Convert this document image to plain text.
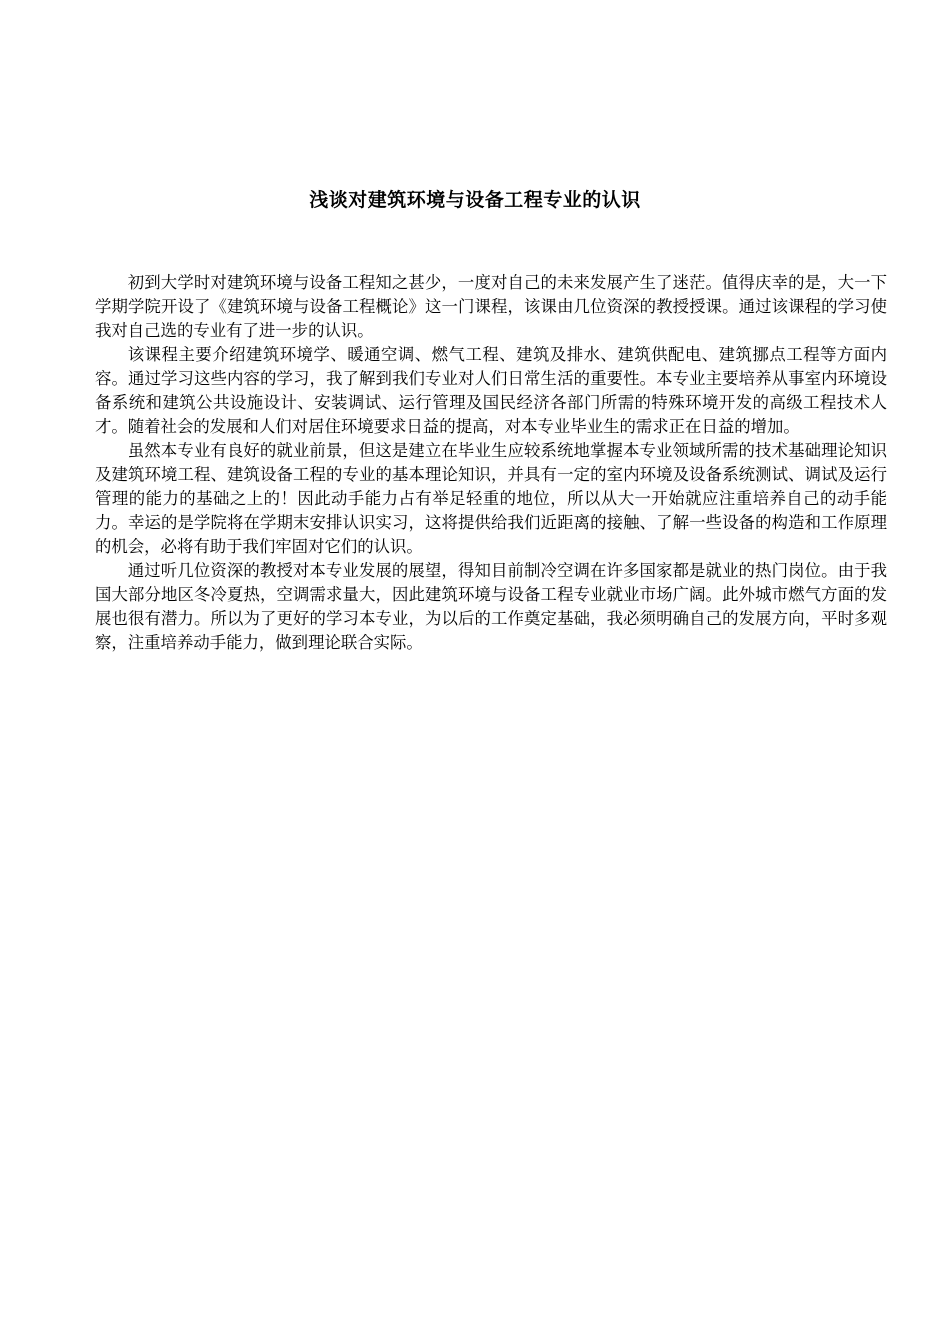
浅谈对建筑环境与设备工程专业的认识

初到大学时对建筑环境与设备工程知之甚少，一度对自己的未来发展产生了迷茫。值得庆幸的是，大一下学期学院开设了《建筑环境与设备工程概论》这一门课程，该课由几位资深的教授授课。通过该课程的学习使我对自己选的专业有了进一步的认识。

该课程主要介绍建筑环境学、暖通空调、燃气工程、建筑及排水、建筑供配电、建筑挪点工程等方面内容。通过学习这些内容的学习，我了解到我们专业对人们日常生活的重要性。本专业主要培养从事室内环境设备系统和建筑公共设施设计、安装调试、运行管理及国民经济各部门所需的特殊环境开发的高级工程技术人才。随着社会的发展和人们对居住环境要求日益的提高，对本专业毕业生的需求正在日益的增加。

虽然本专业有良好的就业前景，但这是建立在毕业生应较系统地掌握本专业领域所需的技术基础理论知识及建筑环境工程、建筑设备工程的专业的基本理论知识，并具有一定的室内环境及设备系统测试、调试及运行管理的能力的基础之上的！因此动手能力占有举足轻重的地位，所以从大一开始就应注重培养自己的动手能力。幸运的是学院将在学期末安排认识实习，这将提供给我们近距离的接触、了解一些设备的构造和工作原理的机会，必将有助于我们牢固对它们的认识。

通过听几位资深的教授对本专业发展的展望，得知目前制冷空调在许多国家都是就业的热门岗位。由于我国大部分地区冬冷夏热，空调需求量大，因此建筑环境与设备工程专业就业市场广阔。此外城市燃气方面的发展也很有潜力。所以为了更好的学习本专业，为以后的工作奠定基础，我必须明确自己的发展方向，平时多观察，注重培养动手能力，做到理论联合实际。
